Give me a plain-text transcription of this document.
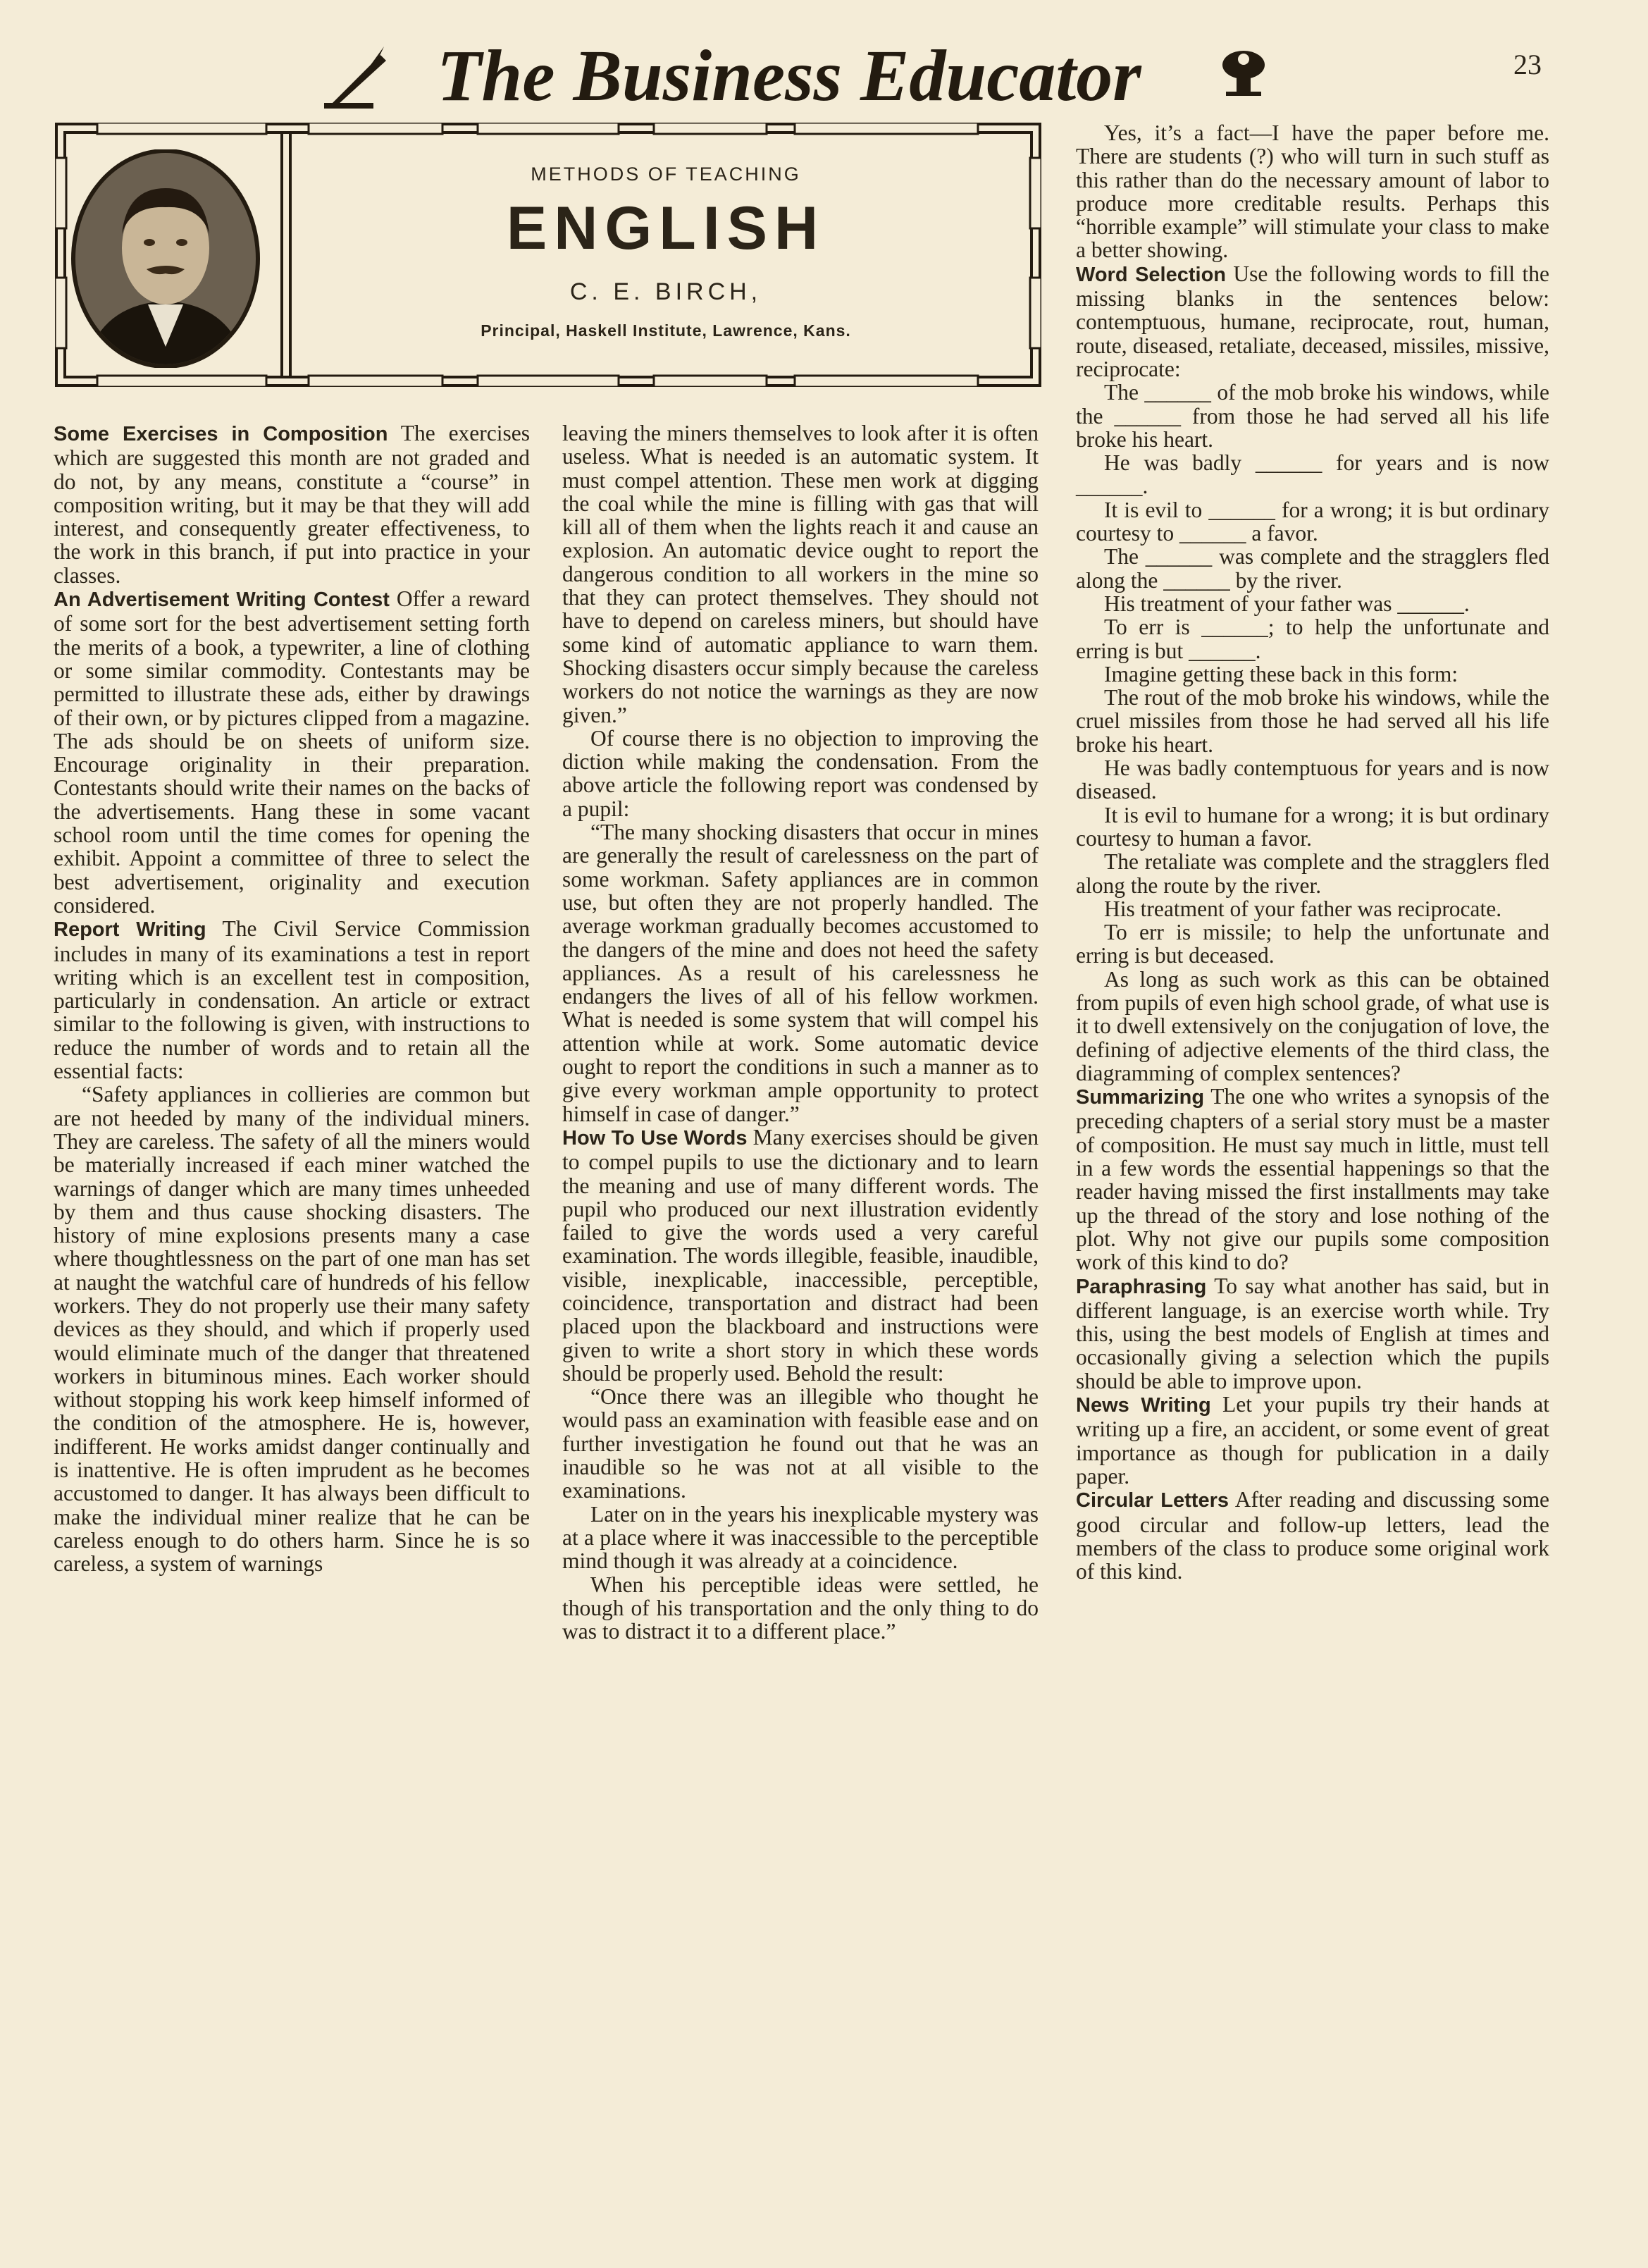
The Business Educator	23
METHODS OF TEACHING
ENGLISH
C. E. BIRCH,
Principal, Haskell Institute, Lawrence, Kans.

Some Exercises in Composition The exercises which are suggested this month are not graded and do not, by any means, constitute a “course” in composition writing, but it may be that they will add interest, and consequently greater effectiveness, to the work in this branch, if put into practice in your classes.

An Advertisement Writing Contest Offer a reward of some sort for the best advertisement setting forth the merits of a book, a typewriter, a line of clothing or some similar commodity. Contestants may be permitted to illustrate these ads, either by drawings of their own, or by pictures clipped from a magazine. The ads should be on sheets of uniform size. Encourage originality in their preparation. Contestants should write their names on the backs of the advertisements. Hang these in some vacant school room until the time comes for opening the exhibit. Appoint a committee of three to select the best advertisement, originality and execution considered.

Report Writing The Civil Service Commission includes in many of its examinations a test in report writing which is an excellent test in composition, particularly in condensation. An article or extract similar to the following is given, with instructions to reduce the number of words and to retain all the essential facts:

“Safety appliances in collieries are common but are not heeded by many of the individual miners. They are careless. The safety of all the miners would be materially increased if each miner watched the warnings of danger which are many times unheeded by them and thus cause shocking disasters. The history of mine explosions presents many a case where thoughtlessness on the part of one man has set at naught the watchful care of hundreds of his fellow workers. They do not properly use their many safety devices as they should, and which if properly used would eliminate much of the danger that threatened workers in bituminous mines. Each worker should without stopping his work keep himself informed of the condition of the atmosphere. He is, however, indifferent. He works amidst danger continually and is inattentive. He is often imprudent as he becomes accustomed to danger. It has always been difficult to make the individual miner realize that he can be careless enough to do others harm. Since he is so careless, a system of warnings

leaving the miners themselves to look after it is often useless. What is needed is an automatic system. It must compel attention. These men work at digging the coal while the mine is filling with gas that will kill all of them when the lights reach it and cause an explosion. An automatic device ought to report the dangerous condition to all workers in the mine so that they can protect themselves. They should not have to depend on careless miners, but should have some kind of automatic appliance to warn them. Shocking disasters occur simply because the careless workers do not notice the warnings as they are now given.”

Of course there is no objection to improving the diction while making the condensation. From the above article the following report was condensed by a pupil:

“The many shocking disasters that occur in mines are generally the result of carelessness on the part of some workman. Safety appliances are in common use, but often they are not properly handled. The average workman gradually becomes accustomed to the dangers of the mine and does not heed the safety appliances. As a result of his carelessness he endangers the lives of all of his fellow workmen. What is needed is some system that will compel his attention while at work. Some automatic device ought to report the conditions in such a manner as to give every workman ample opportunity to protect himself in case of danger.”

How To Use Words Many exercises should be given to compel pupils to use the dictionary and to learn the meaning and use of many different words. The pupil who produced our next illustration evidently failed to give the words used a very careful examination. The words illegible, feasible, inaudible, visible, inexplicable, inaccessible, perceptible, coincidence, transportation and distract had been placed upon the blackboard and instructions were given to write a short story in which these words should be properly used. Behold the result:

“Once there was an illegible who thought he would pass an examination with feasible ease and on further investigation he found out that he was an inaudible so he was not at all visible to the examinations.

Later on in the years his inexplicable mystery was at a place where it was inaccessible to the perceptible mind though it was already at a coincidence.

When his perceptible ideas were settled, he though of his transportation and the only thing to do was to distract it to a different place.”

Yes, it’s a fact—I have the paper before me. There are students (?) who will turn in such stuff as this rather than do the necessary amount of labor to produce more creditable results. Perhaps this “horrible example” will stimulate your class to make a better showing.

Word Selection Use the following words to fill the missing blanks in the sentences below: contemptuous, humane, reciprocate, rout, human, route, diseased, retaliate, deceased, missiles, missive, reciprocate:

The ______ of the mob broke his windows, while the ______ from those he had served all his life broke his heart.

He was badly ______ for years and is now ______.

It is evil to ______ for a wrong; it is but ordinary courtesy to ______ a favor.

The ______ was complete and the stragglers fled along the ______ by the river.

His treatment of your father was ______.

To err is ______; to help the unfortunate and erring is but ______.

Imagine getting these back in this form:

The rout of the mob broke his windows, while the cruel missiles from those he had served all his life broke his heart.

He was badly contemptuous for years and is now diseased.

It is evil to humane for a wrong; it is but ordinary courtesy to human a favor.

The retaliate was complete and the stragglers fled along the route by the river.

His treatment of your father was reciprocate.

To err is missile; to help the unfortunate and erring is but deceased.

As long as such work as this can be obtained from pupils of even high school grade, of what use is it to dwell extensively on the conjugation of love, the defining of adjective elements of the third class, the diagramming of complex sentences?

Summarizing The one who writes a synopsis of the preceding chapters of a serial story must be a master of composition. He must say much in little, must tell in a few words the essential happenings so that the reader having missed the first installments may take up the thread of the story and lose nothing of the plot. Why not give our pupils some composition work of this kind to do?

Paraphrasing To say what another has said, but in different language, is an exercise worth while. Try this, using the best models of English at times and occasionally giving a selection which the pupils should be able to improve upon.

News Writing Let your pupils try their hands at writing up a fire, an accident, or some event of great importance as though for publication in a daily paper.

Circular Letters After reading and discussing some good circular and follow-up letters, lead the members of the class to produce some original work of this kind.
